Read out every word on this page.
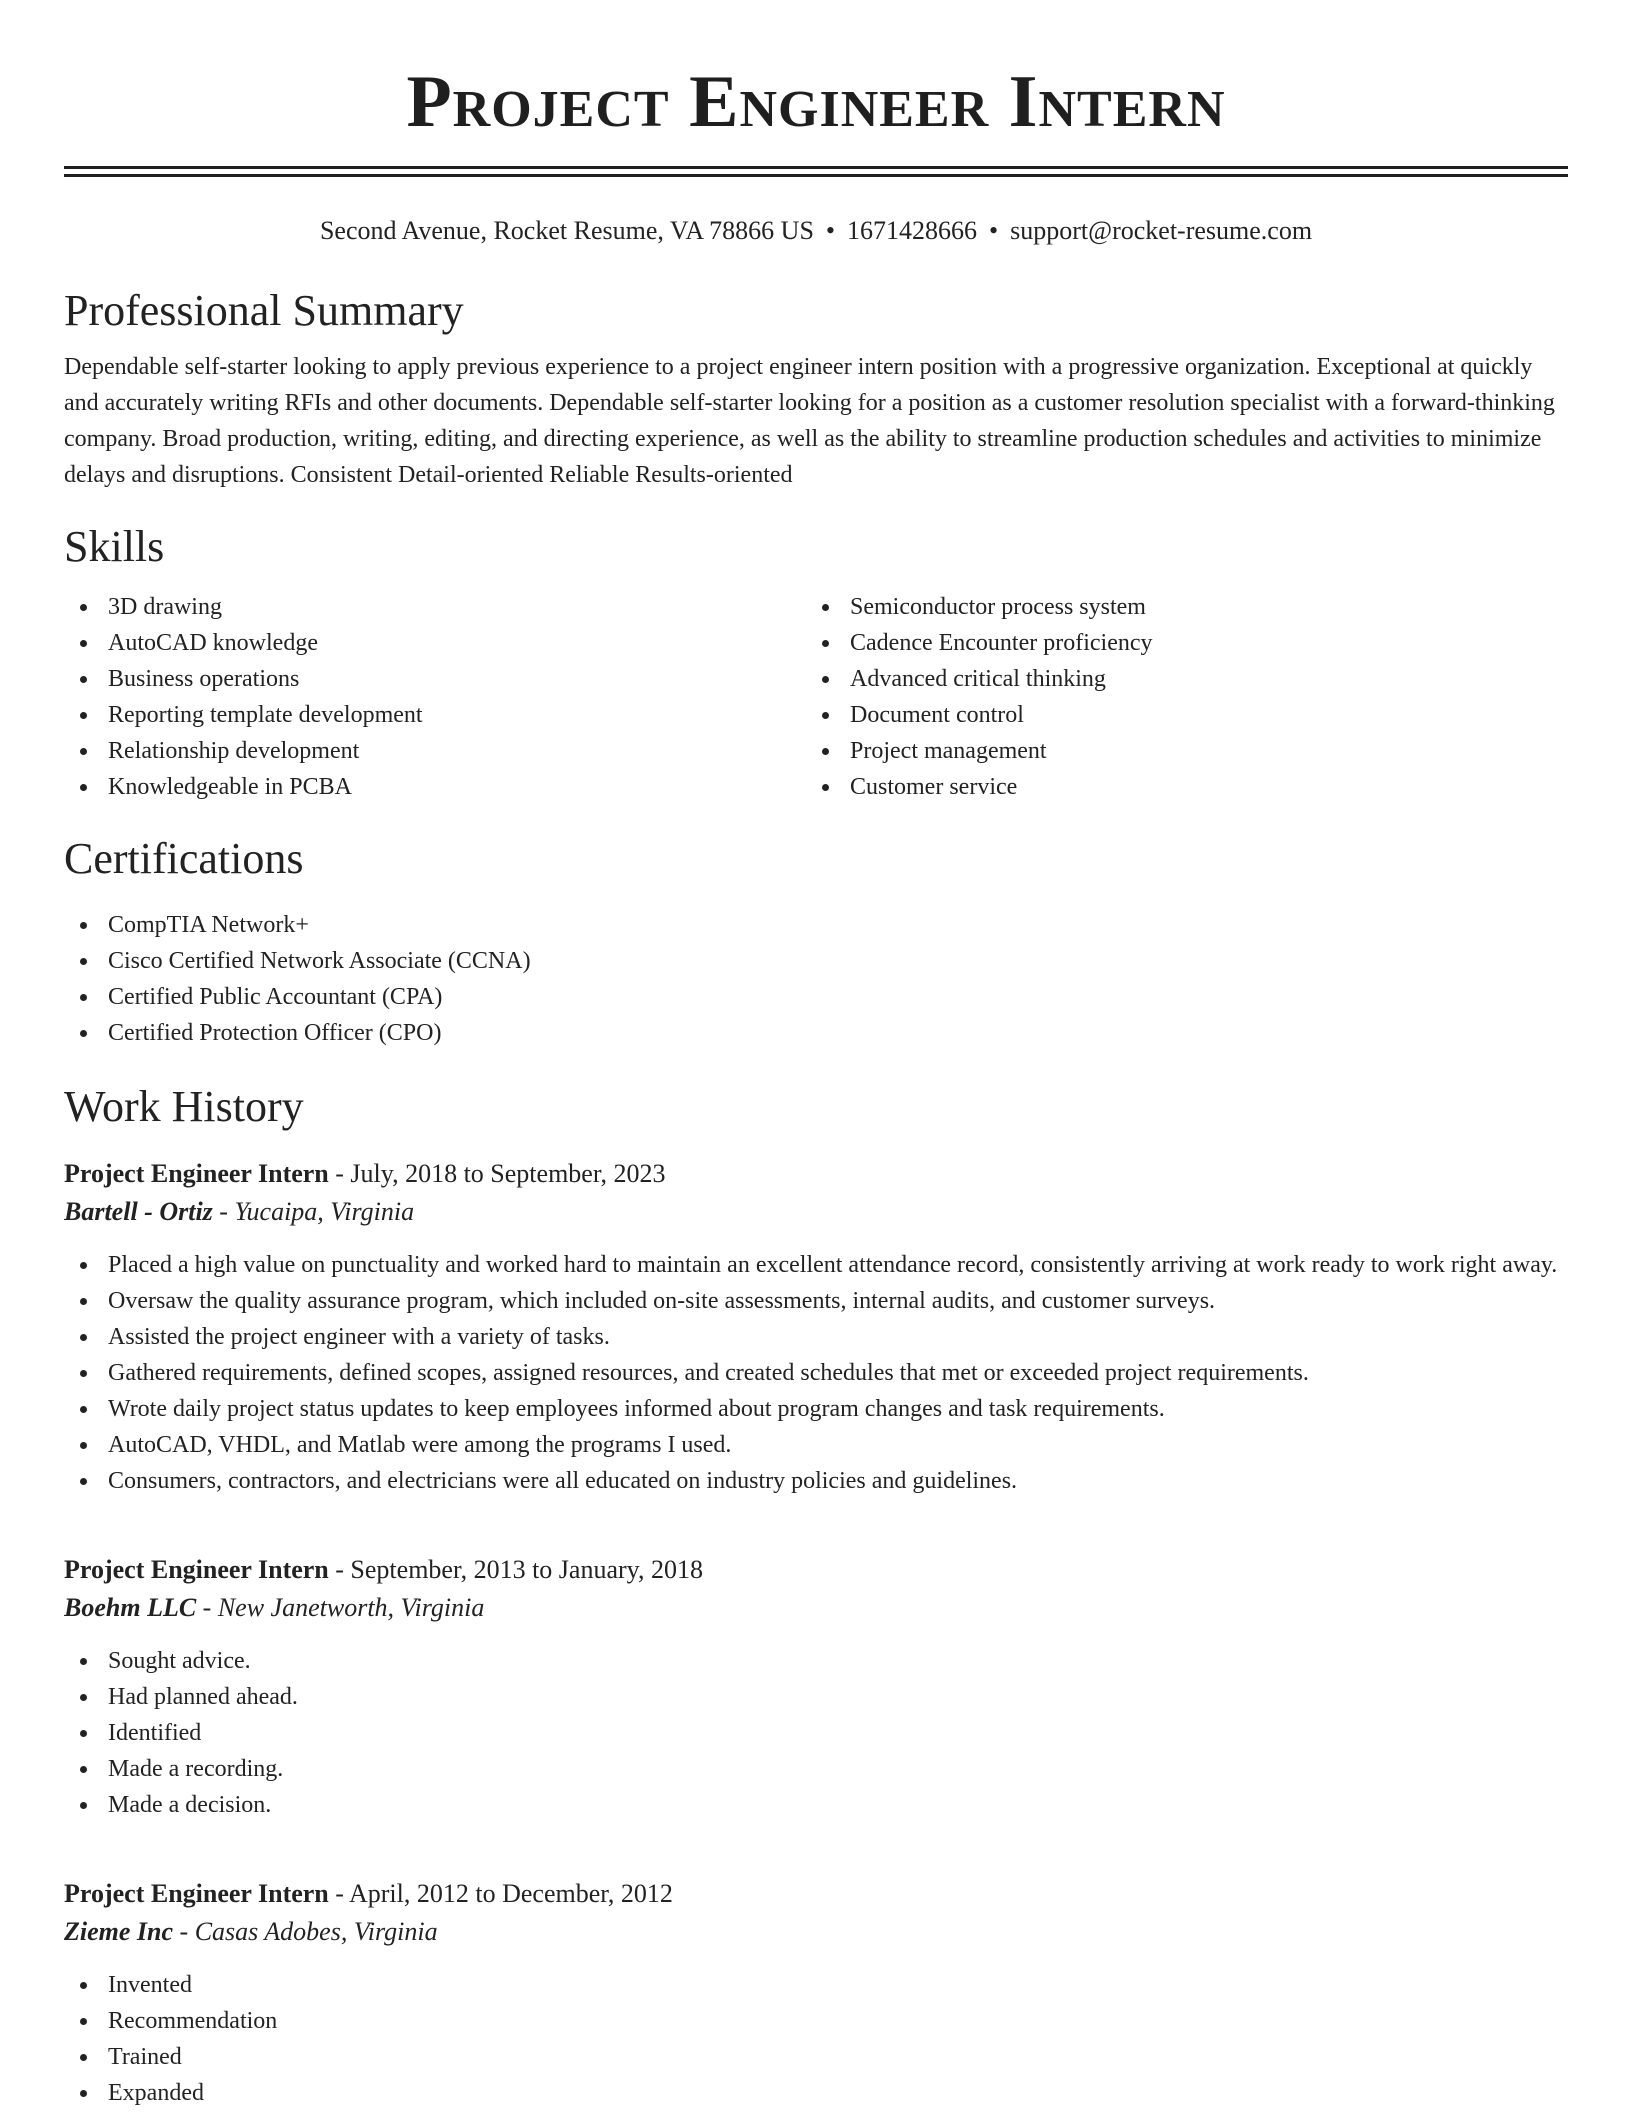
Project Engineer Intern
Second Avenue, Rocket Resume, VA 78866 US • 1671428666 • support@rocket-resume.com
Professional Summary

Dependable self-starter looking to apply previous experience to a project engineer intern position with a progressive organization. Exceptional at quickly and accurately writing RFIs and other documents. Dependable self-starter looking for a position as a customer resolution specialist with a forward-thinking company. Broad production, writing, editing, and directing experience, as well as the ability to streamline production schedules and activities to minimize delays and disruptions. Consistent Detail-oriented Reliable Results-oriented

Skills
3D drawing
AutoCAD knowledge
Business operations
Reporting template development
Relationship development
Knowledgeable in PCBA
Semiconductor process system
Cadence Encounter proficiency
Advanced critical thinking
Document control
Project management
Customer service
Certifications
CompTIA Network+
Cisco Certified Network Associate (CCNA)
Certified Public Accountant (CPA)
Certified Protection Officer (CPO)
Work History
Project Engineer Intern - July, 2018 to September, 2023
Bartell - Ortiz - Yucaipa, Virginia
Placed a high value on punctuality and worked hard to maintain an excellent attendance record, consistently arriving at work ready to work right away.
Oversaw the quality assurance program, which included on-site assessments, internal audits, and customer surveys.
Assisted the project engineer with a variety of tasks.
Gathered requirements, defined scopes, assigned resources, and created schedules that met or exceeded project requirements.
Wrote daily project status updates to keep employees informed about program changes and task requirements.
AutoCAD, VHDL, and Matlab were among the programs I used.
Consumers, contractors, and electricians were all educated on industry policies and guidelines.
Project Engineer Intern - September, 2013 to January, 2018
Boehm LLC - New Janetworth, Virginia
Sought advice.
Had planned ahead.
Identified
Made a recording.
Made a decision.
Project Engineer Intern - April, 2012 to December, 2012
Zieme Inc - Casas Adobes, Virginia
Invented
Recommendation
Trained
Expanded
